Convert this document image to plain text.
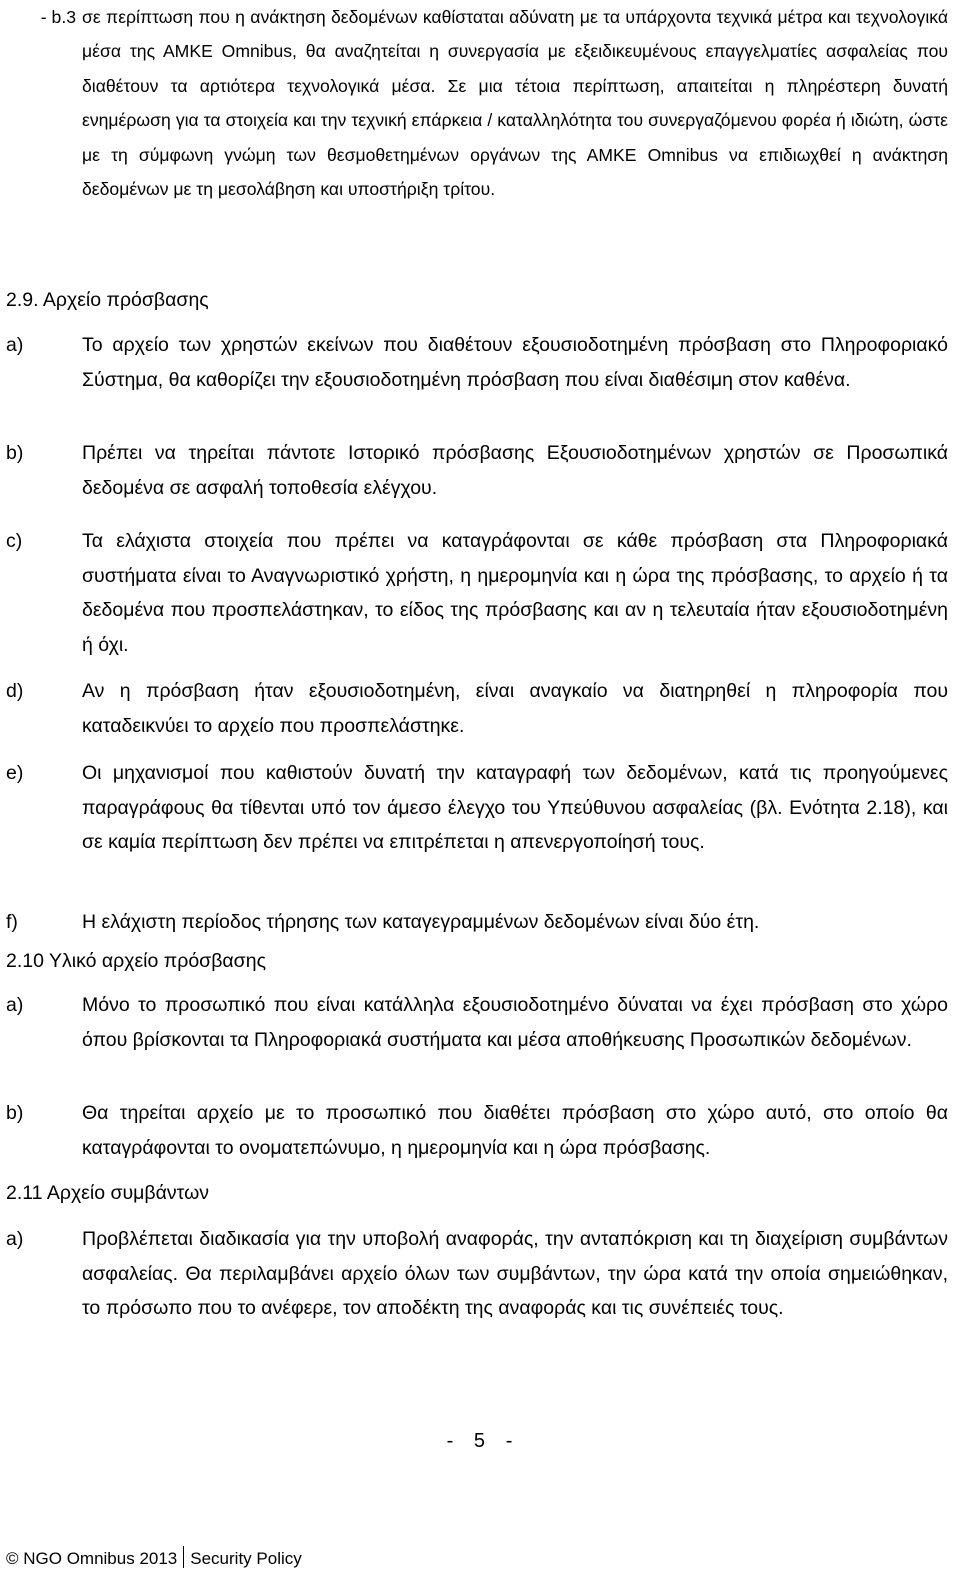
- b.3 σε περίπτωση που η ανάκτηση δεδομένων καθίσταται αδύνατη με τα υπάρχοντα τεχνικά μέτρα και τεχνολογικά μέσα της ΑΜΚΕ Omnibus, θα αναζητείται η συνεργασία με εξειδικευμένους επαγγελματίες ασφαλείας που διαθέτουν τα αρτιότερα τεχνολογικά μέσα. Σε μια τέτοια περίπτωση, απαιτείται η πληρέστερη δυνατή ενημέρωση για τα στοιχεία και την τεχνική επάρκεια / καταλληλότητα του συνεργαζόμενου φορέα ή ιδιώτη, ώστε με τη σύμφωνη γνώμη των θεσμοθετημένων οργάνων της ΑΜΚΕ Omnibus να επιδιωχθεί η ανάκτηση δεδομένων με τη μεσολάβηση και υποστήριξη τρίτου.

2.9. Αρχείο πρόσβασης
a)	Το αρχείο των χρηστών εκείνων που διαθέτουν εξουσιοδοτημένη πρόσβαση στο Πληροφοριακό Σύστημα, θα καθορίζει την εξουσιοδοτημένη πρόσβαση που είναι διαθέσιμη στον καθένα.
b)	Πρέπει να τηρείται πάντοτε Ιστορικό πρόσβασης Εξουσιοδοτημένων χρηστών σε Προσωπικά δεδομένα σε ασφαλή τοποθεσία ελέγχου.
c)	Τα ελάχιστα στοιχεία που πρέπει να καταγράφονται σε κάθε πρόσβαση στα Πληροφοριακά συστήματα είναι το Αναγνωριστικό χρήστη, η ημερομηνία και η ώρα της πρόσβασης, το αρχείο ή τα δεδομένα που προσπελάστηκαν, το είδος της πρόσβασης και αν η τελευταία ήταν εξουσιοδοτημένη ή όχι.
d)	Αν η πρόσβαση ήταν εξουσιοδοτημένη, είναι αναγκαίο να διατηρηθεί η πληροφορία που καταδεικνύει το αρχείο που προσπελάστηκε.
e)	Οι μηχανισμοί που καθιστούν δυνατή την καταγραφή των δεδομένων, κατά τις προηγούμενες παραγράφους θα τίθενται υπό τον άμεσο έλεγχο του Υπεύθυνου ασφαλείας (βλ. Ενότητα 2.18), και σε καμία περίπτωση δεν πρέπει να επιτρέπεται η απενεργοποίησή τους.
f)	Η ελάχιστη περίοδος τήρησης των καταγεγραμμένων δεδομένων είναι δύο έτη.
2.10 Υλικό αρχείο πρόσβασης
a)	Μόνο το προσωπικό που είναι κατάλληλα εξουσιοδοτημένο δύναται να έχει πρόσβαση στο χώρο όπου βρίσκονται τα Πληροφοριακά συστήματα και μέσα αποθήκευσης Προσωπικών δεδομένων.
b)	Θα τηρείται αρχείο με το προσωπικό που διαθέτει πρόσβαση στο χώρο αυτό, στο οποίο θα καταγράφονται το ονοματεπώνυμο, η ημερομηνία και η ώρα πρόσβασης.
2.11 Αρχείο συμβάντων
a)	Προβλέπεται διαδικασία για την υποβολή αναφοράς, την ανταπόκριση και τη διαχείριση συμβάντων ασφαλείας. Θα περιλαμβάνει αρχείο όλων των συμβάντων, την ώρα κατά την οποία σημειώθηκαν, το πρόσωπο που το ανέφερε, τον αποδέκτη της αναφοράς και τις συνέπειές τους.
-   5   -
© NGO Omnibus 2013 Security Policy
